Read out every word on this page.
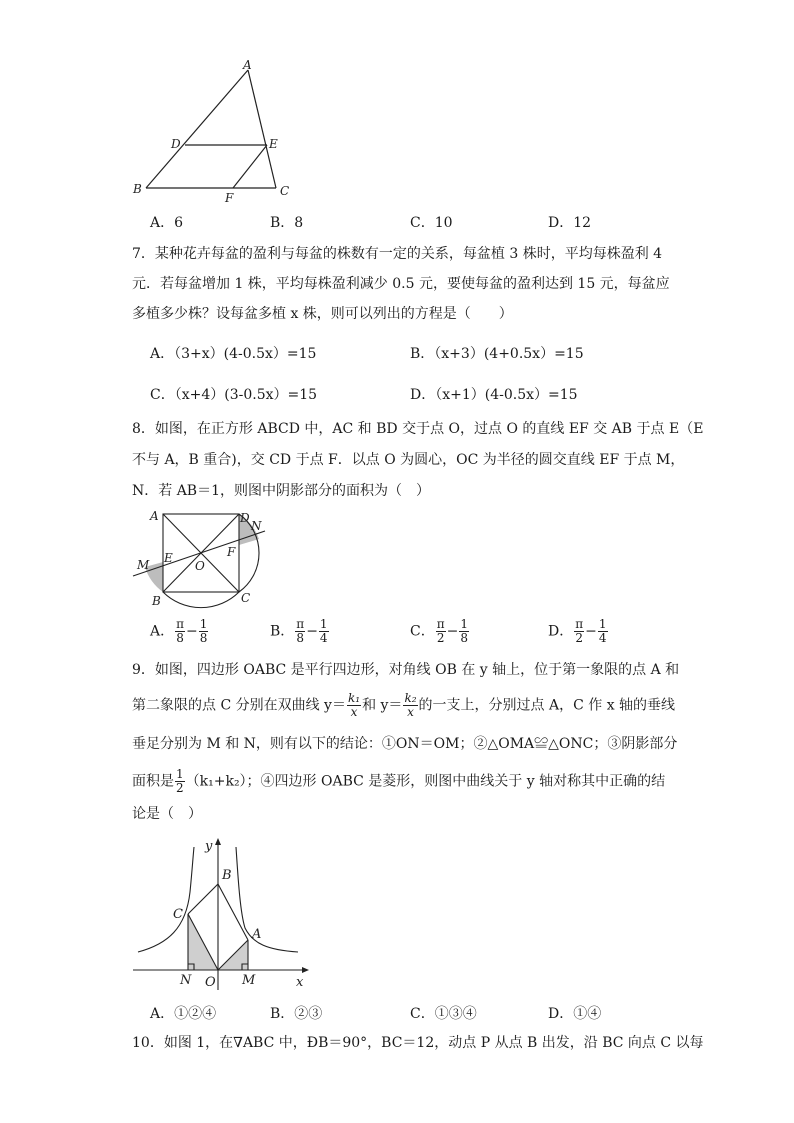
A
D	E
B
F	C
A．6	B．8	C．10	D．12
7．某种花卉每盆的盈利与每盆的株数有一定的关系，每盆植 3 株时，平均每株盈利 4
元．若每盆增加 1 株，平均每株盈利减少 0.5 元，要使每盆的盈利达到 15 元，每盆应
多植多少株？设每盆多植 x 株，则可以列出的方程是（　　）
A．（3+x）(4-0.5x）=15	B．（x+3）(4+0.5x）=15
C．（x+4）(3-0.5x）=15	D．（x+1）(4-0.5x）=15
8．如图，在正方形 ABCD 中，AC 和 BD 交于点 O，过点 O 的直线 EF 交 AB 于点 E（E
不与 A，B 重合)，交 CD 于点 F．以点 O 为圆心，OC 为半径的圆交直线 EF 于点 M，
N．若 AB＝1，则图中阴影部分的面积为（　）
A	D
N
M E
O
F
B	C
A． $\frac{\pi}{8} - \frac{1}{8}$	B． $\frac{\pi}{8} - \frac{1}{4}$	C． $\frac{\pi}{2} - \frac{1}{8}$	D． $\frac{\pi}{2} - \frac{1}{4}$
9．如图，四边形 OABC 是平行四边形，对角线 OB 在 y 轴上，位于第一象限的点 A 和
第二象限的点 C 分别在双曲线 $y= \frac{\text{k₁}}{x}$ 和 $y= \frac{\text{k₂}}{x}$ 的一支上，分别过点 A，C 作 x 轴的垂线
垂足分别为 M 和 N，则有以下的结论：①ON＝OM；②△OMA≌△ONC；③阴影部分
面积是 $\frac{1}{2} (k_1+k_2)$；④四边形 OABC 是菱形，则图中曲线关于 y 轴对称其中正确的结
论是（　）
y
B
C
A
N O M	x
A．①②④	B．②③	C．①③④	D．①④
10．如图 1，在∇ABC 中，ÐB＝90°，BC＝12，动点 P 从点 B 出发，沿 BC 向点 C 以每
